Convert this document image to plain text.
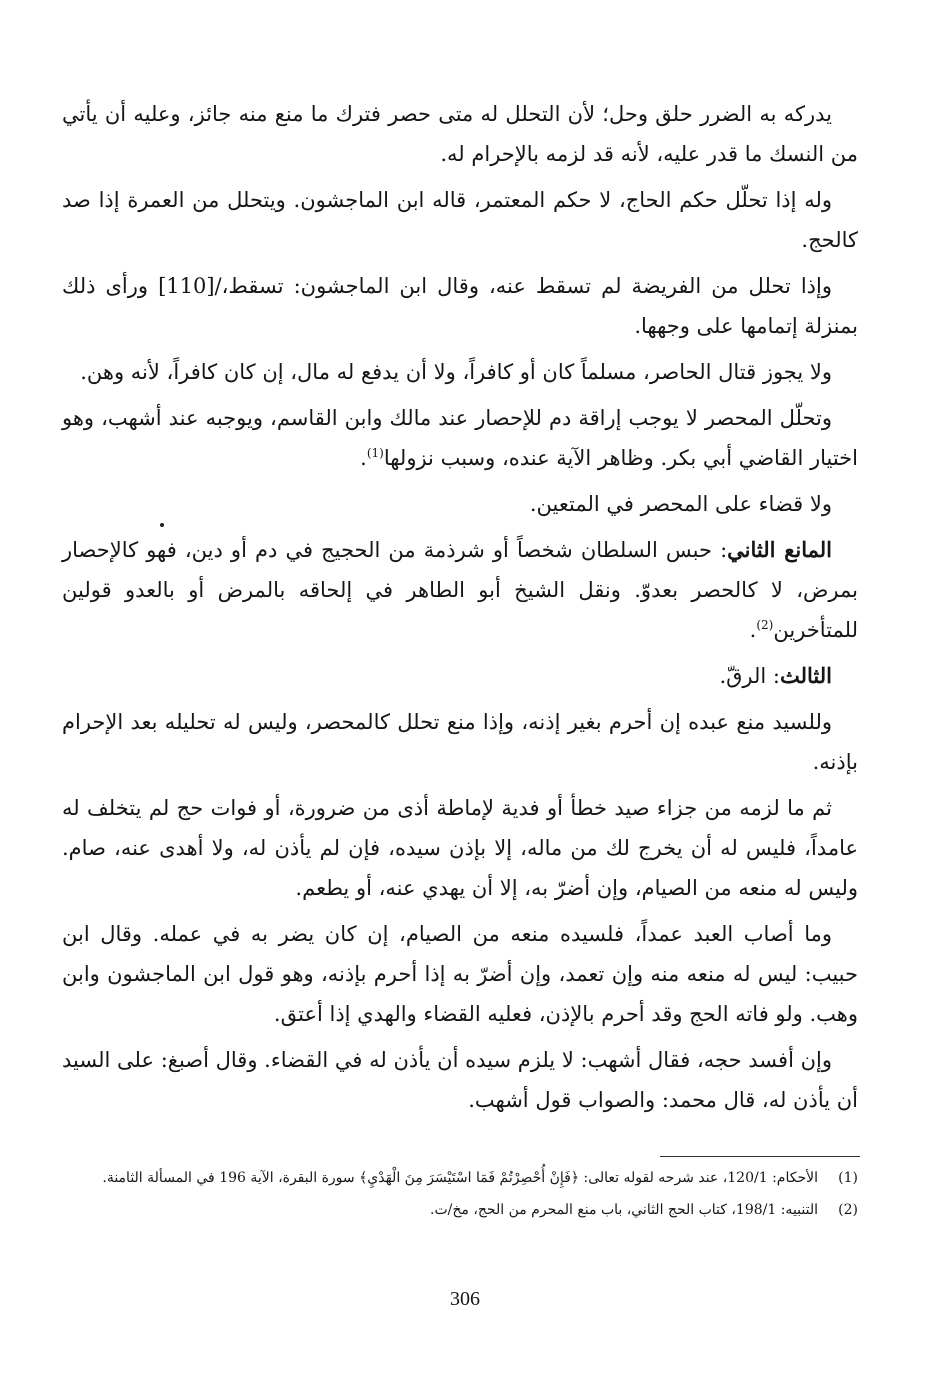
يدركه به الضرر حلق وحل؛ لأن التحلل له متى حصر فترك ما منع منه جائز، وعليه أن يأتي من النسك ما قدر عليه، لأنه قد لزمه بالإحرام له.

وله إذا تحلّل حكم الحاج، لا حكم المعتمر، قاله ابن الماجشون. ويتحلل من العمرة إذا صد كالحج.

وإذا تحلل من الفريضة لم تسقط عنه، وقال ابن الماجشون: تسقط،/[110] ورأى ذلك بمنزلة إتمامها على وجهها.

ولا يجوز قتال الحاصر، مسلماً كان أو كافراً، ولا أن يدفع له مال، إن كان كافراً، لأنه وهن.

وتحلّل المحصر لا يوجب إراقة دم للإحصار عند مالك وابن القاسم، ويوجبه عند أشهب، وهو اختيار القاضي أبي بكر. وظاهر الآية عنده، وسبب نزولها$^{(1)}$.

ولا قضاء على المحصر في المتعين.

المانع الثاني: حبس السلطان شخصاً أو شرذمة من الحجيج في دم أو دين، فهو كالإحصار بمرض، لا كالحصر بعدوّ. ونقل الشيخ أبو الطاهر في إلحاقه بالمرض أو بالعدو قولين للمتأخرين$^{(2)}$.

الثالث: الرقّ.

وللسيد منع عبده إن أحرم بغير إذنه، وإذا منع تحلل كالمحصر، وليس له تحليله بعد الإحرام بإذنه.

ثم ما لزمه من جزاء صيد خطأ أو فدية لإماطة أذى من ضرورة، أو فوات حج لم يتخلف له عامداً، فليس له أن يخرج لك من ماله، إلا بإذن سيده، فإن لم يأذن له، ولا أهدى عنه، صام. وليس له منعه من الصيام، وإن أضرّ به، إلا أن يهدي عنه، أو يطعم.

وما أصاب العبد عمداً، فلسيده منعه من الصيام، إن كان يضر به في عمله. وقال ابن حبيب: ليس له منعه منه وإن تعمد، وإن أضرّ به إذا أحرم بإذنه، وهو قول ابن الماجشون وابن وهب. ولو فاته الحج وقد أحرم بالإذن، فعليه القضاء والهدي إذا أعتق.

وإن أفسد حجه، فقال أشهب: لا يلزم سيده أن يأذن له في القضاء. وقال أصبغ: على السيد أن يأذن له، قال محمد: والصواب قول أشهب.

(1)
الأحكام: 120/1، عند شرحه لقوله تعالى: ﴿فَإِنْ أُحْصِرْتُمْ فَمَا اسْتَيْسَرَ مِنَ الْهَدْيِ﴾ سورة البقرة، الآية 196 في المسألة الثامنة.
(2)
التنبيه: 198/1، كتاب الحج الثاني، باب منع المحرم من الحج، مخ/ت.
306
